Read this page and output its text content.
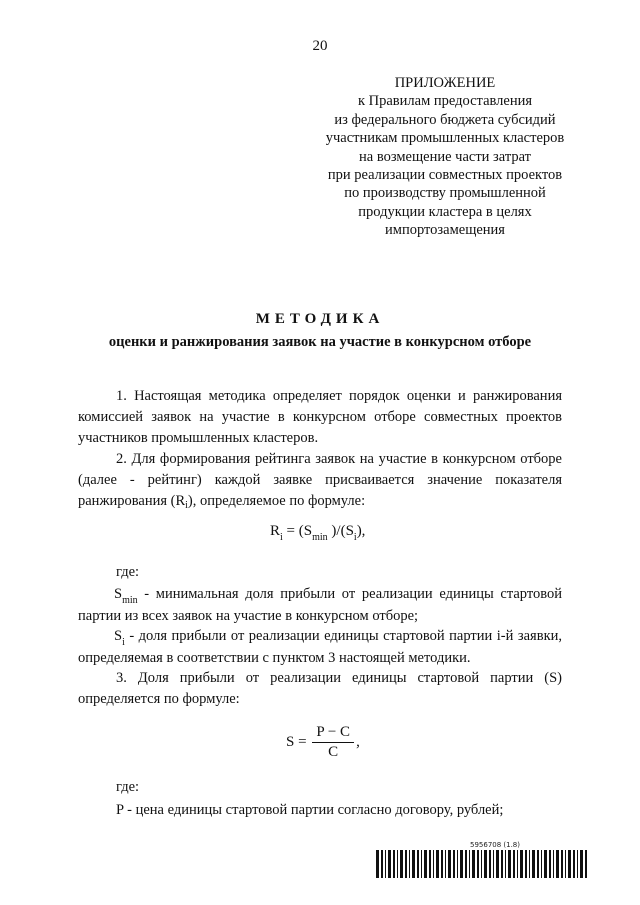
20
ПРИЛОЖЕНИЕ
к Правилам предоставления
из федерального бюджета субсидий
участникам промышленных кластеров
на возмещение части затрат
при реализации совместных проектов
по производству промышленной
продукции кластера в целях
импортозамещения
МЕТОДИКА
оценки и ранжирования заявок на участие в конкурсном отборе
1. Настоящая методика определяет порядок оценки и ранжирования комиссией заявок на участие в конкурсном отборе совместных проектов участников промышленных кластеров.
2. Для формирования рейтинга заявок на участие в конкурсном отборе (далее - рейтинг) каждой заявке присваивается значение показателя ранжирования $(R_i)$, определяемое по формуле:
$R_i = (S_{min}$ )$/(S_i)$,
где:
$S_{min}$ - минимальная доля прибыли от реализации единицы стартовой партии из всех заявок на участие в конкурсном отборе;
$S_i$ - доля прибыли от реализации единицы стартовой партии i-й заявки, определяемая в соответствии с пунктом 3 настоящей методики.
3. Доля прибыли от реализации единицы стартовой партии (S) определяется по формуле:
$S = \frac{P - C}{C}$ ,
где:
P - цена единицы стартовой партии согласно договору, рублей;
5956708 (1.8)
